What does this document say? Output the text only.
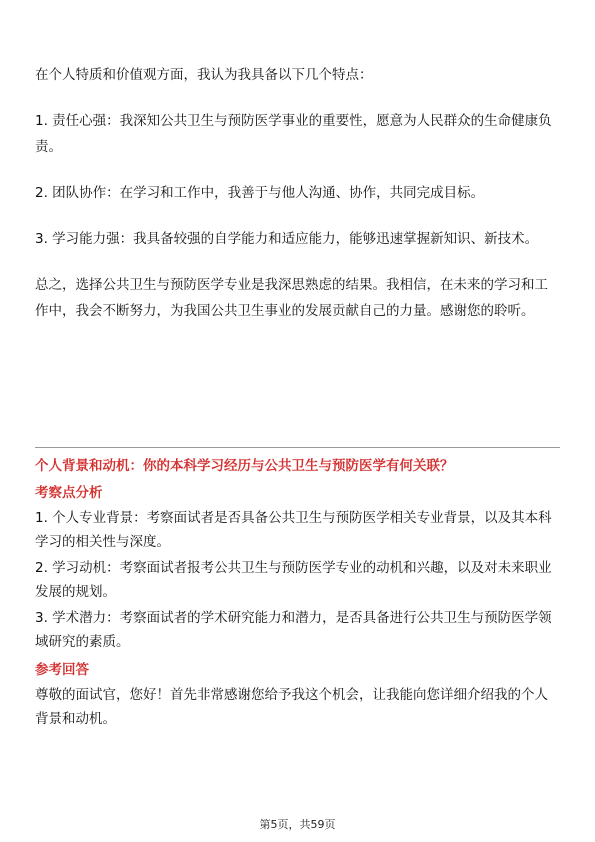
在个人特质和价值观方面，我认为我具备以下几个特点：

1. 责任心强：我深知公共卫生与预防医学事业的重要性，愿意为人民群众的生命健康负责。

2. 团队协作：在学习和工作中，我善于与他人沟通、协作，共同完成目标。

3. 学习能力强：我具备较强的自学能力和适应能力，能够迅速掌握新知识、新技术。

总之，选择公共卫生与预防医学专业是我深思熟虑的结果。我相信，在未来的学习和工作中，我会不断努力，为我国公共卫生事业的发展贡献自己的力量。感谢您的聆听。

个人背景和动机：你的本科学习经历与公共卫生与预防医学有何关联？

考察点分析

1. 个人专业背景：考察面试者是否具备公共卫生与预防医学相关专业背景，以及其本科学习的相关性与深度。

2. 学习动机：考察面试者报考公共卫生与预防医学专业的动机和兴趣，以及对未来职业发展的规划。

3. 学术潜力：考察面试者的学术研究能力和潜力，是否具备进行公共卫生与预防医学领域研究的素质。

参考回答

尊敬的面试官，您好！首先非常感谢您给予我这个机会，让我能向您详细介绍我的个人背景和动机。

第5页，共59页
